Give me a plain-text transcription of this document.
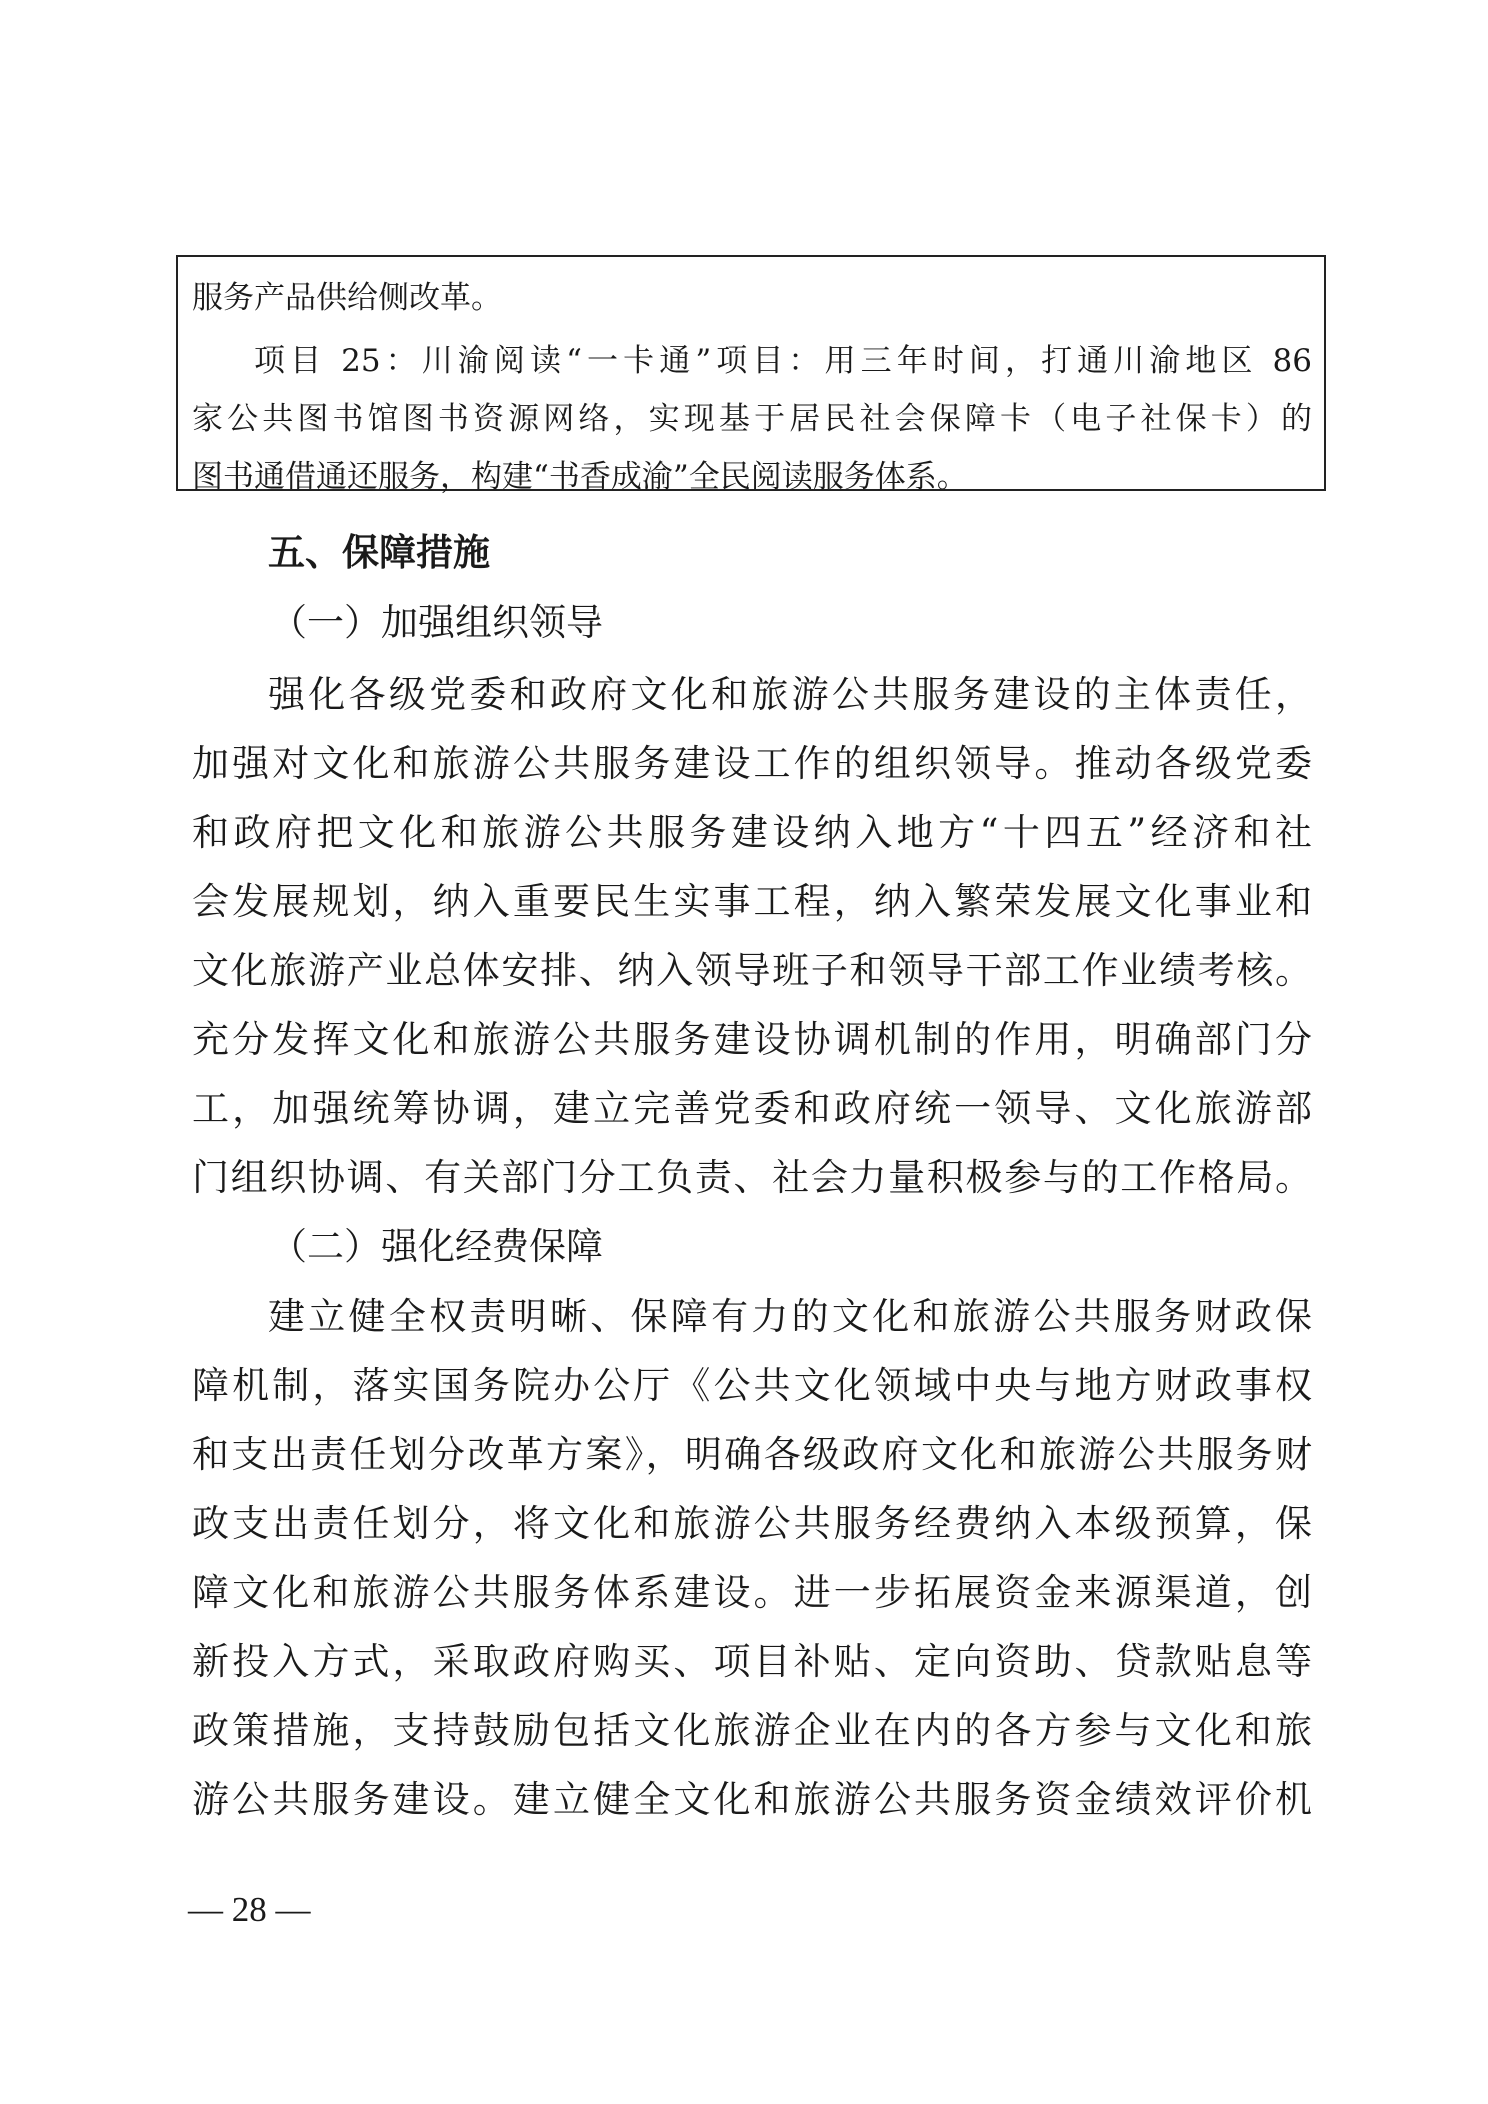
服务产品供给侧改革。
项目 25：川渝阅读“一卡通”项目：用三年时间，打通川渝地区 86
家公共图书馆图书资源网络，实现基于居民社会保障卡（电子社保卡）的
图书通借通还服务，构建“书香成渝”全民阅读服务体系。
五、保障措施
（一）加强组织领导
强化各级党委和政府文化和旅游公共服务建设的主体责任，
加强对文化和旅游公共服务建设工作的组织领导。推动各级党委
和政府把文化和旅游公共服务建设纳入地方“十四五”经济和社
会发展规划，纳入重要民生实事工程，纳入繁荣发展文化事业和
文化旅游产业总体安排、纳入领导班子和领导干部工作业绩考核。
充分发挥文化和旅游公共服务建设协调机制的作用，明确部门分
工，加强统筹协调，建立完善党委和政府统一领导、文化旅游部
门组织协调、有关部门分工负责、社会力量积极参与的工作格局。
（二）强化经费保障
建立健全权责明晰、保障有力的文化和旅游公共服务财政保
障机制，落实国务院办公厅《公共文化领域中央与地方财政事权
和支出责任划分改革方案》，明确各级政府文化和旅游公共服务财
政支出责任划分，将文化和旅游公共服务经费纳入本级预算，保
障文化和旅游公共服务体系建设。进一步拓展资金来源渠道，创
新投入方式，采取政府购买、项目补贴、定向资助、贷款贴息等
政策措施，支持鼓励包括文化旅游企业在内的各方参与文化和旅
游公共服务建设。建立健全文化和旅游公共服务资金绩效评价机
— 28 —
